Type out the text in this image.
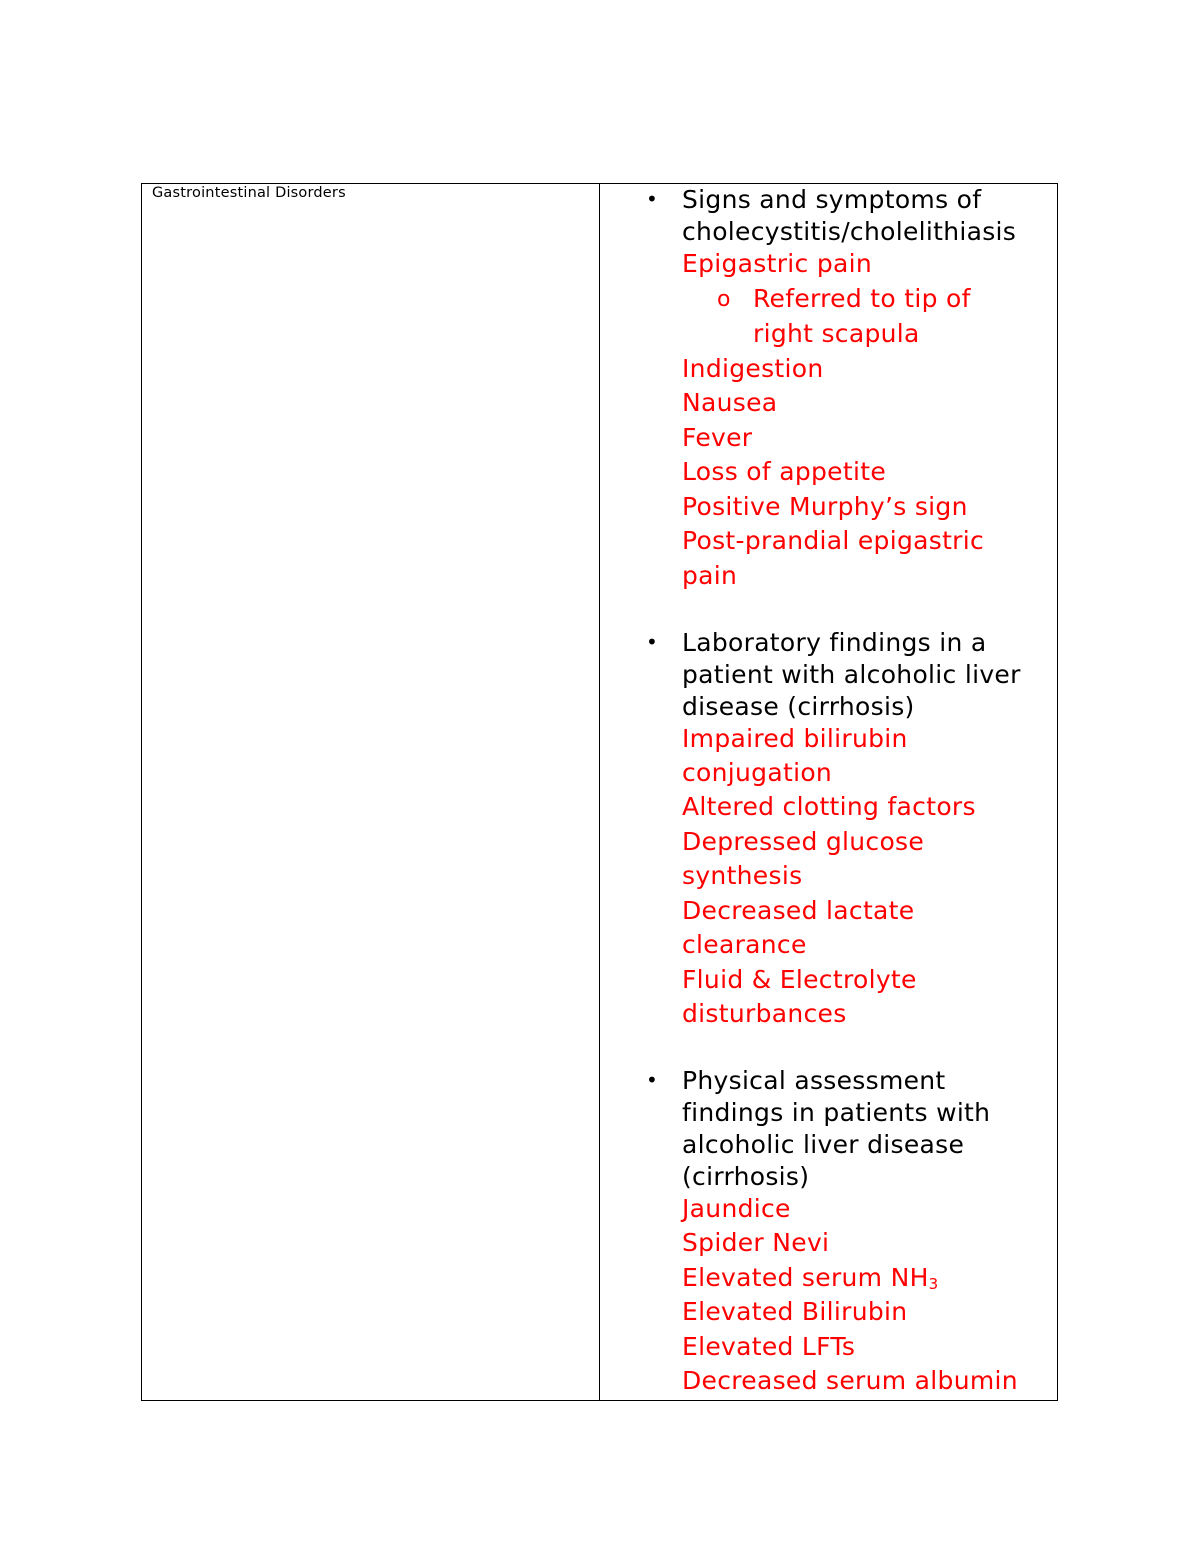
Gastrointestinal Disorders	• Signs and symptoms of
cholecystitis/cholelithiasis
Epigastric pain
o Referred to tip of
right scapula
Indigestion
Nausea
Fever
Loss of appetite
Positive Murphy’s sign
Post-prandial epigastric
pain
• Laboratory findings in a
patient with alcoholic liver
disease (cirrhosis)
Impaired bilirubin
conjugation
Altered clotting factors
Depressed glucose
synthesis
Decreased lactate
clearance
Fluid & Electrolyte
disturbances
• Physical assessment
findings in patients with
alcoholic liver disease
(cirrhosis)
Jaundice
Spider Nevi
Elevated serum $NH_3$
Elevated Bilirubin
Elevated LFTs
Decreased serum albumin
